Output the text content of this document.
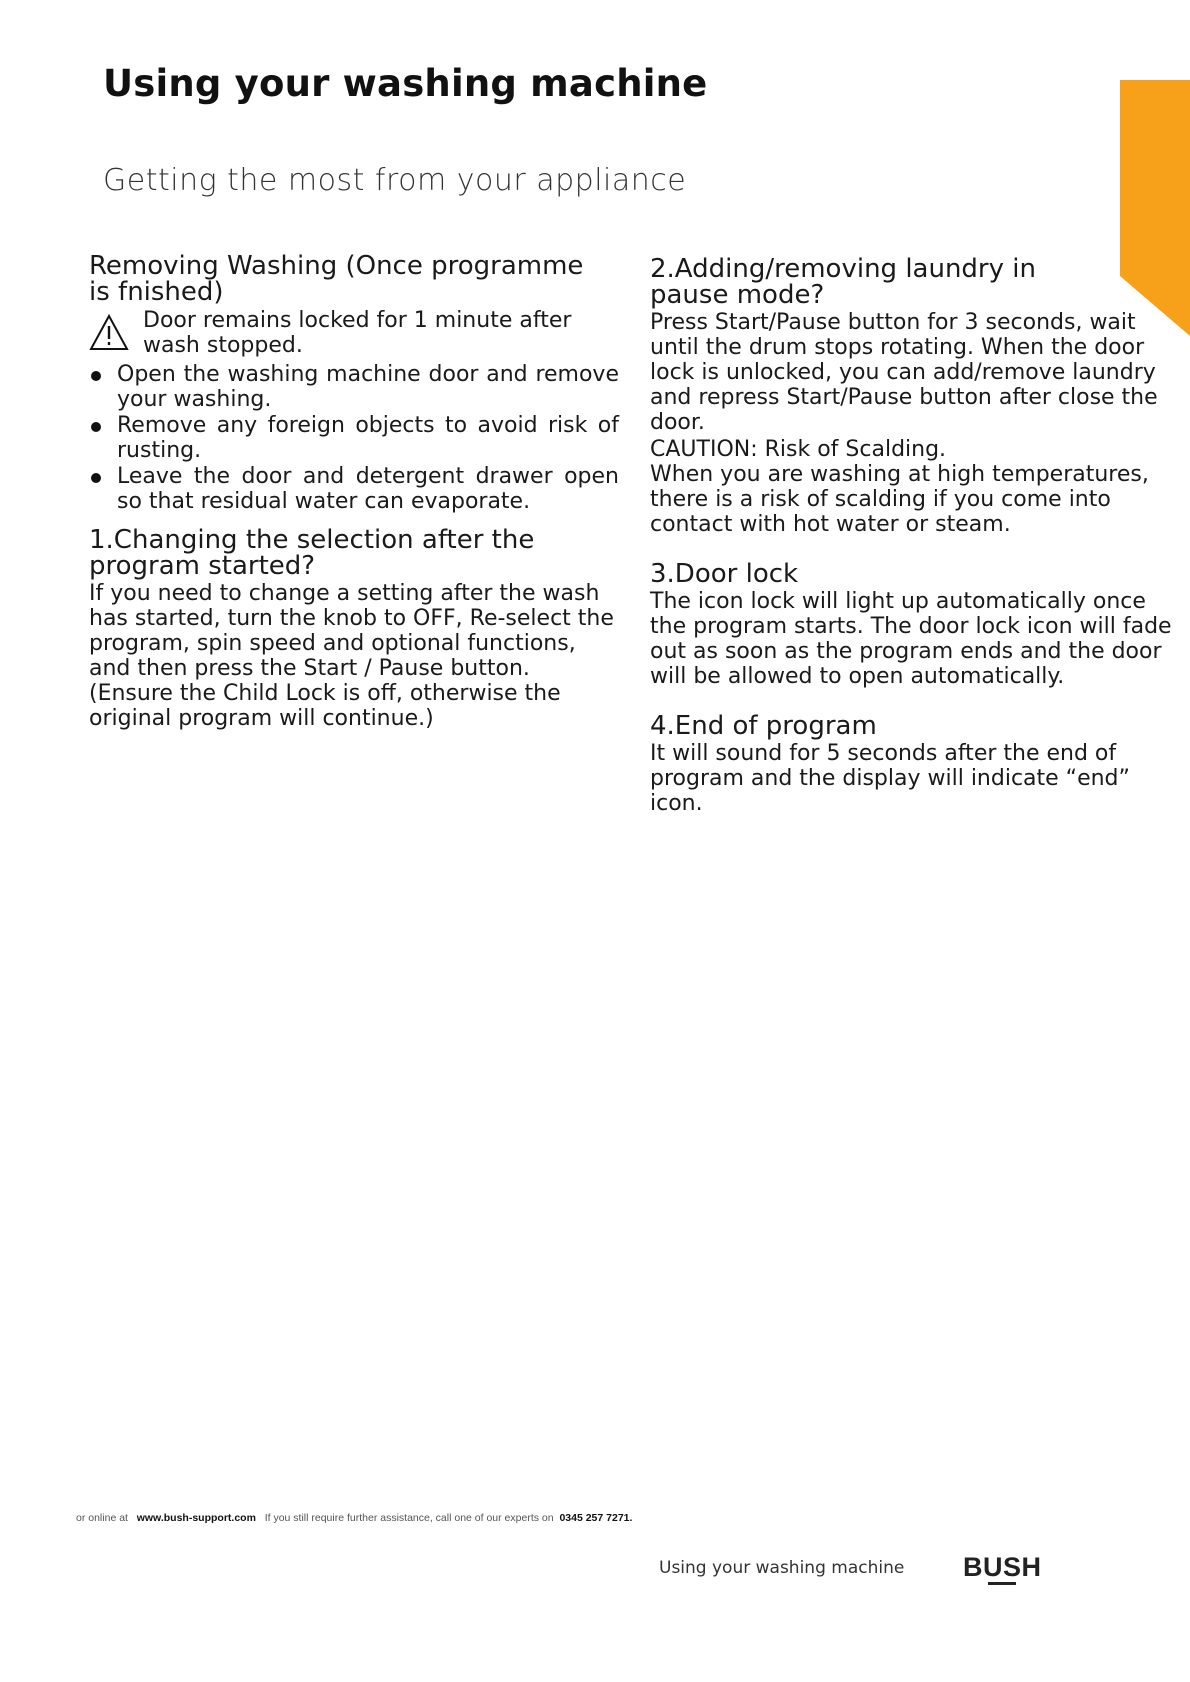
Using your washing machine
Getting the most from your appliance
Removing Washing (Once programme is fnished)

Door remains locked for 1 minute after wash stopped.

Open the washing machine door and remove your washing.
Remove any foreign objects to avoid risk of rusting.
Leave the door and detergent drawer open so that residual water can evaporate.
1.Changing the selection after the program started?

If you need to change a setting after the wash has started, turn the knob to OFF, Re-select the program, spin speed and optional functions, and then press the Start / Pause button. (Ensure the Child Lock is off, otherwise the original program will continue.)

2.Adding/removing laundry in pause mode?

Press Start/Pause button for 3 seconds, wait until the drum stops rotating. When the door lock is unlocked, you can add/remove laundry and repress Start/Pause button after close the door.

CAUTION: Risk of Scalding.

When you are washing at high temperatures, there is a risk of scalding if you come into contact with hot water or steam.

3.Door lock

The icon lock will light up automatically once the program starts. The door lock icon will fade out as soon as the program ends and the door will be allowed to open automatically.

4.End of program

It will sound for 5 seconds after the end of program and the display will indicate “end” icon.

or online at www.bush-support.com If you still require further assistance, call one of our experts on 0345 257 7271.
Using your washing machine BUSH
